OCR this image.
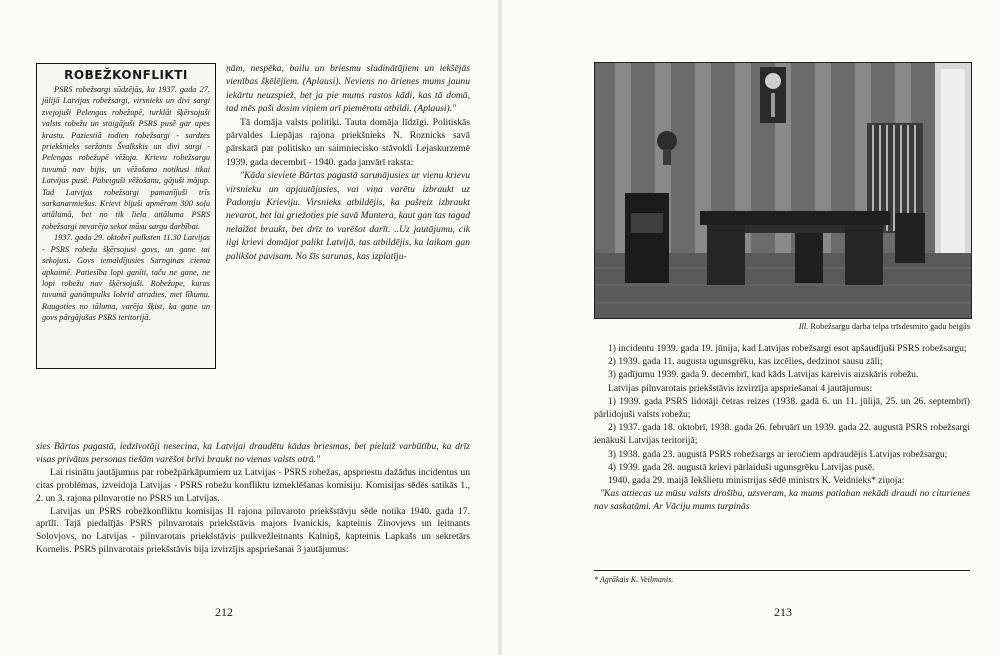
ROBEŽKONFLIKTI

PSRS robežsargi sūdzējās, ka 1937. gada 27. jūlijā Latvijas robežsargi, virsnieks un divi sargi zvejojuši Pelengas robežupē, turklāt šķērsojuši valsts robežu un staigājuši PSRS pusē gar upes krastu. Paziestiā todien robežsargi - sardzes priekšnieks seržants Švalkskis un divi sargi - Pelengas robežupē vēžoja. Krievu robežsargu tuvumā nav bijis, un vēžošana notikusi tikai Latvijas pusē. Pabeiguši vēžošanu, gājuši mājup. Tad Latvijas robežsargi pamanījuši trīs sarkanarmiešus. Krievi bijuši apmēram 300 soļu attālumā, bet no tik liela attāluma PSRS robežsargi nevarēja sekot mūsu sargu darbībai.

1937. gada 29. oktobrī pulksten 11.30 Latvijas - PSRS robežu šķērsojusi govs, un gane tai sekojusi. Govs iemaldījusies Sarnginas ciema apkaimē. Patiesība lopi ganīti, taču ne gane, ne lopi robežu nav šķērsojuši. Robežupe, kuras tuvumā ganāmpulks lobrid atradies, met līkumu. Raugoties no tāluma, varēja šķist, ka gane un govs pārgājušas PSRS teritorijā.

ņām, nespēka, bailu un briesmu sludinātājiem un iekšējās vienības šķēlējiem. (Aplausi). Neviens no ārienes mums jaunu iekārtu neuzspiež, bet ja pie mums rastos kādi, kas tā domā, tad mēs paši dosim viņiem arī piemērotu atbildi. (Aplausi)."

Tā domāja valsts politiķi. Tauta domāja līdzīgi. Politiskās pārvaldes Liepājas rajona priekšnieks N. Roznicks savā pārskatā par politisko un saimniecisko stāvokli Lejaskurzemē 1939. gada decembrī - 1940. gada janvārī raksta:

"Kāda sieviete Bārtas pagastā sarunājusies ar vienu krievu virsnieku un apjautājusies, vai viņa varētu izbraukt uz Padomju Krieviju. Virsnieks atbildējis, ka pašreiz izbraukt nevarot, bet lai griežoties pie savā Muntera, kaut gan tas tagad nelaižot braukt, bet drīz to varēšot darīt. ..Uz jautājumu, cik ilgi krievi domājot palikt Latvijā, tas atbildējis, ka laikam gan palikšot pavisam. No šīs sarunas, kas izplatīju-

sies Bārtas pagastā, iedzīvotāji nesecina, ka Latvijai draudētu kādas briesmas, bet pielaiž varbūtību, ka drīz visas privātas personas tiešām varēšot brīvi braukt no vienas valsts otrā."

Lai risinātu jautājumus par robežpārkāpumiem uz Latvijas - PSRS robežas, apspriestu dažādus incidentus un citas problēmas, izveidoja Latvijas - PSRS robežu konfliktu izmeklēšanas komisiju. Komisijas sēdēs satikās 1., 2. un 3. rajona pilnvarotie no PSRS un Latvijas.

Latvijas un PSRS robežkonfliktu komisijas II rajona pilnvaroto priekšstāvju sēde notika 1940. gada 17. aprīlī. Tajā piedalījās PSRS pilnvarotais priekšstāvis majors Ivanickis, kapteinis Zinovjevs un leitnants Solovjovs, no Latvijas - pilnvarotais priekšstāvis pulkvežleitnants Kalniņš, kapteinis Lapkašs un sekretārs Kornelis. PSRS pilnvarotais priekšstāvis bija izvirzījis apspriešanai 3 jautājumus:

212
Ill. Robežsargu darba telpa trīsdesmito gadu beigās

1) incidentu 1939. gada 19. jūnija, kad Latvijas robežsargi esot apšaudījuši PSRS robežsargu;

2) 1939. gada 11. augusta ugunsgrēku, kas izcēlies, dedzinot sausu zāli;

3) gadījumu 1939. gada 9. decembrī, kad kāds Latvijas kareivis aizskāris robežu.

Latvijas pilnvarotais priekšstāvis izvirzīja apspriešanai 4 jautājumus:

1) 1939. gada PSRS lidotāji četras reizes (1938. gadā 6. un 11. jūlijā, 25. un 26. septembrī) pārlidojuši valsts robežu;

2) 1937. gada 18. oktobrī, 1938. gada 26. februārī un 1939. gada 22. augustā PSRS robežsargi ienākuši Latvijas teritorijā;

3) 1938. gada 23. augustā PSRS robežsargs ar ieročiem apdraudējis Latvijas robežsargu;

4) 1939. gada 28. augustā krievi pārlaiduši ugunsgrēku Latvijas pusē.

1940. gada 29. maijā Iekšlietu ministrijas sēdē ministrs K. Veidnieks* ziņoja:

"Kas attiecas uz mūsu valsts drošību, uzsveram, ka mums patlaban nekādi draudi no citurienes nav saskatāmi. Ar Vāciju mums turpinās

* Agrākais K. Veilmanis.
213
